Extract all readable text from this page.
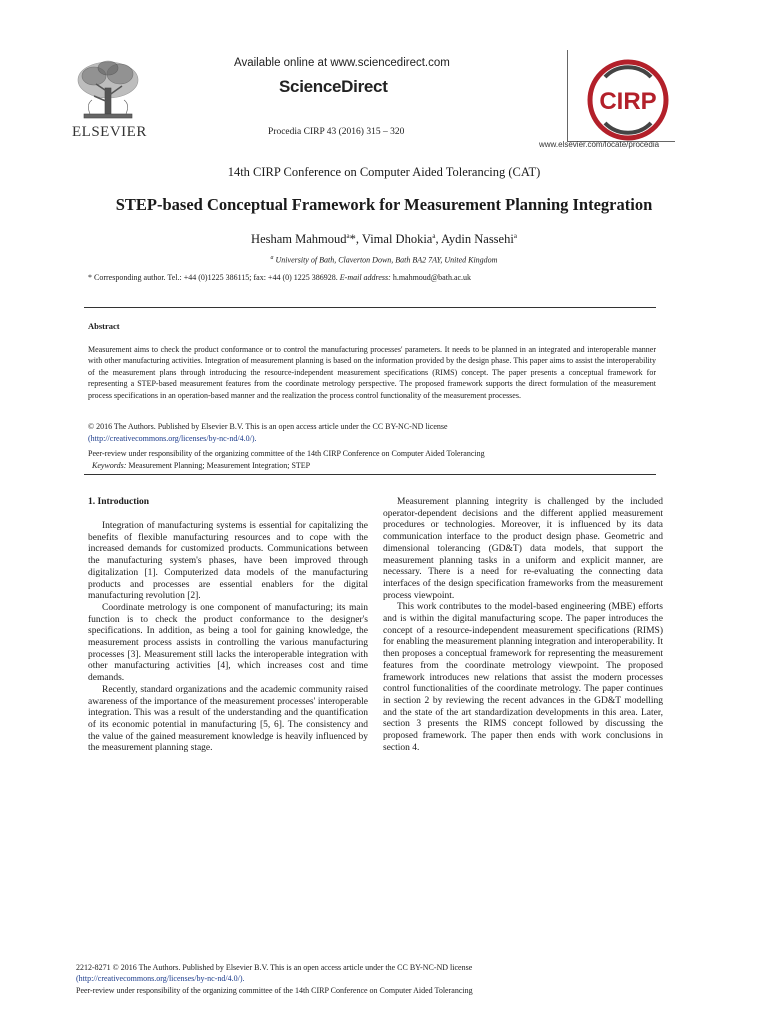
ELSEVIER
Available online at www.sciencedirect.com
ScienceDirect
Procedia CIRP 43 (2016) 315 – 320
CIRP
www.elsevier.com/locate/procedia
14th CIRP Conference on Computer Aided Tolerancing (CAT)
STEP-based Conceptual Framework for Measurement Planning Integration
Hesham Mahmoud$^a$*, Vimal Dhokia$^a$, Aydin Nassehi$^a$
$^a$ University of Bath, Claverton Down, Bath BA2 7AY, United Kingdom
* Corresponding author. Tel.: +44 (0)1225 386115; fax: +44 (0) 1225 386928. E-mail address: h.mahmoud@bath.ac.uk
Abstract
Measurement aims to check the product conformance or to control the manufacturing processes' parameters. It needs to be planned in an integrated and interoperable manner with other manufacturing activities. Integration of measurement planning is based on the information provided by the design phase. This paper aims to assist the interoperability of the measurement plans through introducing the resource-independent measurement specifications (RIMS) concept. The paper presents a conceptual framework for representing a STEP-based measurement features from the coordinate metrology perspective. The proposed framework supports the direct formulation of the measurement process specifications in an operation-based manner and the realization the process control functionality of the measurement processes.
© 2016 The Authors. Published by Elsevier B.V. This is an open access article under the CC BY-NC-ND license
(http://creativecommons.org/licenses/by-nc-nd/4.0/).
Peer-review under responsibility of the organizing committee of the 14th CIRP Conference on Computer Aided Tolerancing
Keywords: Measurement Planning; Measurement Integration; STEP
1. Introduction

Integration of manufacturing systems is essential for capitalizing the benefits of flexible manufacturing resources and to cope with the increased demands for customized products. Communications between the manufacturing system's phases, have been improved through digitalization [1]. Computerized data models of the manufacturing products and processes are essential enablers for the digital manufacturing revolution [2].

Coordinate metrology is one component of manufacturing; its main function is to check the product conformance to the designer's specifications. In addition, as being a tool for gaining knowledge, the measurement process assists in controlling the various manufacturing processes [3]. Measurement still lacks the interoperable integration with other manufacturing activities [4], which increases cost and time demands.

Recently, standard organizations and the academic community raised awareness of the importance of the measurement processes' interoperable integration. This was a result of the understanding and the quantification of its economic potential in manufacturing [5, 6]. The consistency and the value of the gained measurement knowledge is heavily influenced by the measurement planning stage.

Measurement planning integrity is challenged by the included operator-dependent decisions and the different applied measurement procedures or technologies. Moreover, it is influenced by its data communication interface to the product design phase. Geometric and dimensional tolerancing (GD&T) data models, that support the measurement planning tasks in a uniform and explicit manner, are necessary. There is a need for re-evaluating the connecting data interfaces of the design specification frameworks from the measurement process viewpoint.

This work contributes to the model-based engineering (MBE) efforts and is within the digital manufacturing scope. The paper introduces the concept of a resource-independent measurement specifications (RIMS) for enabling the measurement planning integration and interoperability. It then proposes a conceptual framework for representing the measurement features from the coordinate metrology viewpoint. The proposed framework introduces new relations that assist the modern processes control functionalities of the coordinate metrology. The paper continues in section 2 by reviewing the recent advances in the GD&T modelling and the state of the art standardization developments in this area. Later, section 3 presents the RIMS concept followed by discussing the proposed framework. The paper then ends with work conclusions in section 4.

2212-8271 © 2016 The Authors. Published by Elsevier B.V. This is an open access article under the CC BY-NC-ND license
(http://creativecommons.org/licenses/by-nc-nd/4.0/).
Peer-review under responsibility of the organizing committee of the 14th CIRP Conference on Computer Aided Tolerancing
